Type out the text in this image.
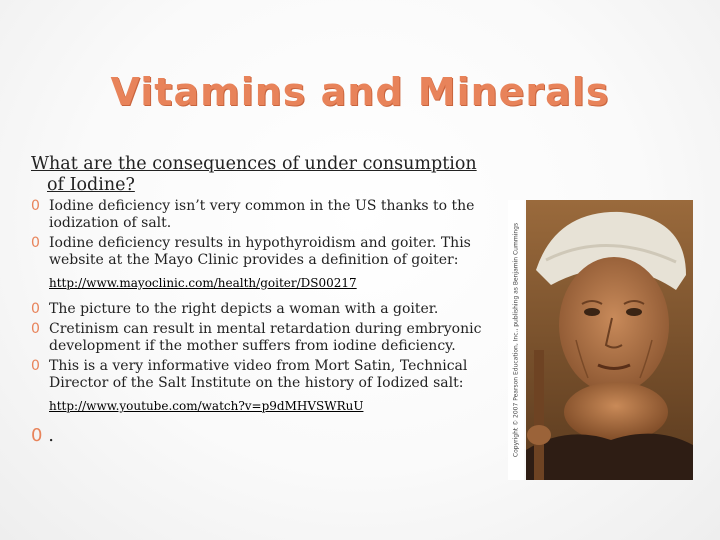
Vitamins and Minerals
What are the consequences of under consumption
of Iodine?
0 Iodine deficiency isn’t very common in the US thanks to the iodization of salt.
0 Iodine deficiency results in hypothyroidism and goiter. This website at the Mayo Clinic provides a definition of goiter:
http://www.mayoclinic.com/health/goiter/DS00217
0 The picture to the right depicts a woman with a goiter.
0 Cretinism can result in mental retardation during embryonic development if the mother suffers from iodine deficiency.
0 This is a very informative video from Mort Satin, Technical Director of the Salt Institute on the history of Iodized salt:
http://www.youtube.com/watch?v=p9dMHVSWRuU
0 .	Copyright © 2007 Pearson Education, Inc., publishing as Benjamin Cummings
